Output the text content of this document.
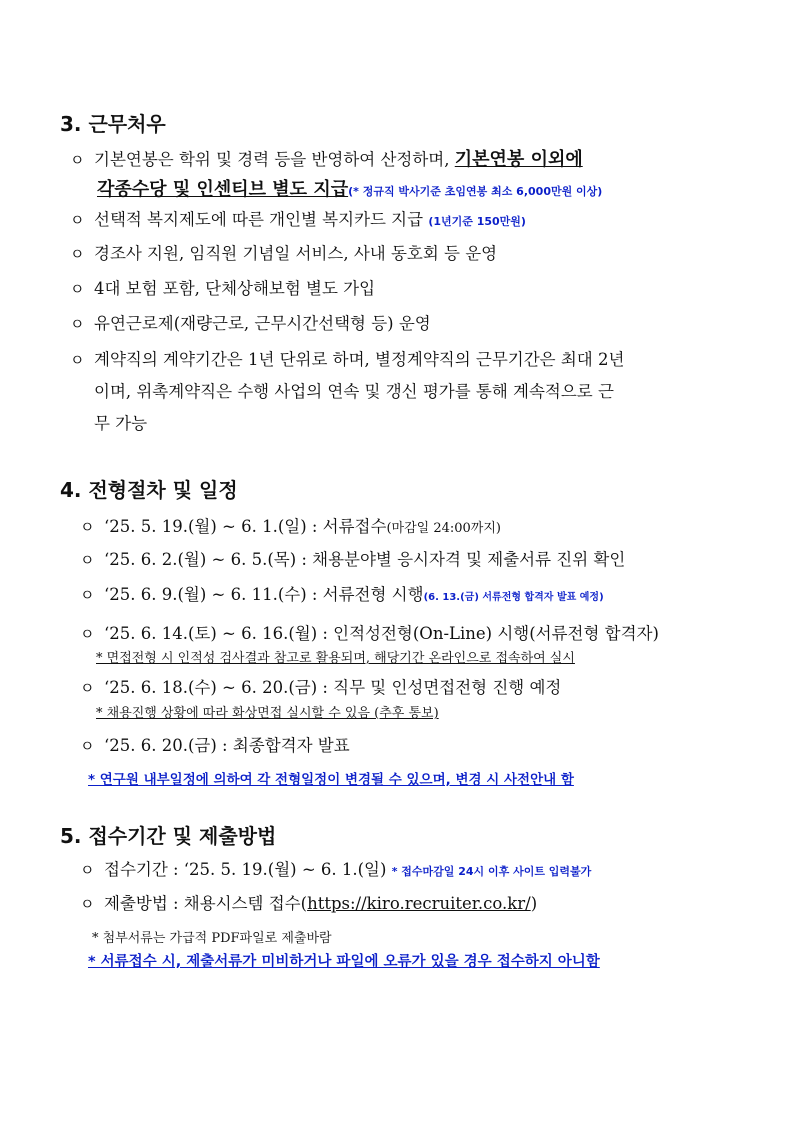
3. 근무처우
ㅇ 기본연봉은 학위 및 경력 등을 반영하여 산정하며, 기본연봉 이외에
각종수당 및 인센티브 별도 지급(* 정규직 박사기준 초임연봉 최소 6,000만원 이상)
ㅇ 선택적 복지제도에 따른 개인별 복지카드 지급 (1년기준 150만원)
ㅇ 경조사 지원, 임직원 기념일 서비스, 사내 동호회 등 운영
ㅇ 4대 보험 포함, 단체상해보험 별도 가입
ㅇ 유연근로제(재량근로, 근무시간선택형 등) 운영
ㅇ 계약직의 계약기간은 1년 단위로 하며, 별정계약직의 근무기간은 최대 2년
이며, 위촉계약직은 수행 사업의 연속 및 갱신 평가를 통해 계속적으로 근
무 가능
4. 전형절차 및 일정
ㅇ ‘25. 5. 19.(월) ~ 6. 1.(일) : 서류접수(마감일 24:00까지)
ㅇ ‘25. 6. 2.(월) ~ 6. 5.(목) : 채용분야별 응시자격 및 제출서류 진위 확인
ㅇ ‘25. 6. 9.(월) ~ 6. 11.(수) : 서류전형 시행(6. 13.(금) 서류전형 합격자 발표 예정)
ㅇ ‘25. 6. 14.(토) ~ 6. 16.(월) : 인적성전형(On-Line) 시행(서류전형 합격자)
* 면접전형 시 인적성 검사결과 참고로 활용되며, 해당기간 온라인으로 접속하여 실시
ㅇ ‘25. 6. 18.(수) ~ 6. 20.(금) : 직무 및 인성면접전형 진행 예정
* 채용진행 상황에 따라 화상면접 실시할 수 있음 (추후 통보)
ㅇ ‘25. 6. 20.(금) : 최종합격자 발표
* 연구원 내부일정에 의하여 각 전형일정이 변경될 수 있으며, 변경 시 사전안내 함
5. 접수기간 및 제출방법
ㅇ 접수기간 : ‘25. 5. 19.(월) ~ 6. 1.(일) * 접수마감일 24시 이후 사이트 입력불가
ㅇ 제출방법 : 채용시스템 접수(https://kiro.recruiter.co.kr/)
* 첨부서류는 가급적 PDF파일로 제출바람
* 서류접수 시, 제출서류가 미비하거나 파일에 오류가 있을 경우 접수하지 아니함
